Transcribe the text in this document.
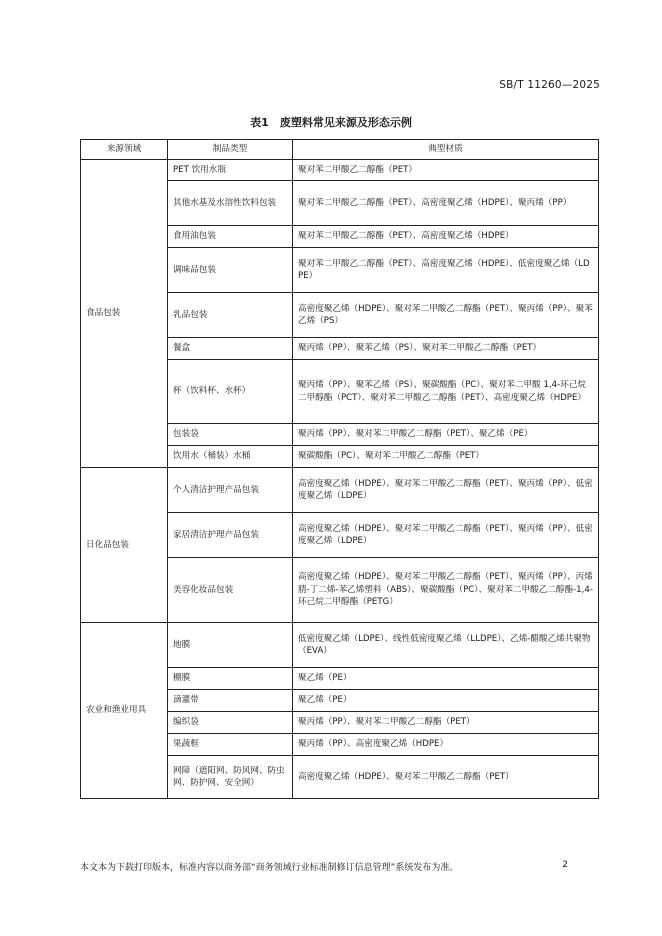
SB/T 11260—2025
表1　废塑料常见来源及形态示例
来源领域	制品类型	典型材质
食品包装	PET 饮用水瓶	聚对苯二甲酸乙二醇酯（PET）
	其他水基及水溶性饮料包装	聚对苯二甲酸乙二醇酯（PET）、高密度聚乙烯（HDPE）、聚丙烯（PP）
	食用油包装	聚对苯二甲酸乙二醇酯（PET）、高密度聚乙烯（HDPE）
	调味品包装	聚对苯二甲酸乙二醇酯（PET）、高密度聚乙烯（HDPE）、低密度聚乙烯（LDPE）
	乳品包装	高密度聚乙烯（HDPE）、聚对苯二甲酸乙二醇酯（PET）、聚丙烯（PP）、聚苯乙烯（PS）
	餐盒	聚丙烯（PP）、聚苯乙烯（PS）、聚对苯二甲酸乙二醇酯（PET）
	杯（饮料杯、水杯）	聚丙烯（PP）、聚苯乙烯（PS）、聚碳酸酯（PC）、聚对苯二甲酸 1,4-环己烷二甲醇酯（PCT）、聚对苯二甲酸乙二醇酯（PET）、高密度聚乙烯（HDPE）
	包装袋	聚丙烯（PP）、聚对苯二甲酸乙二醇酯（PET）、聚乙烯（PE）
	饮用水（桶装）水桶	聚碳酸酯（PC）、聚对苯二甲酸乙二醇酯（PET）
日化品包装	个人清洁护理产品包装	高密度聚乙烯（HDPE）、聚对苯二甲酸乙二醇酯（PET）、聚丙烯（PP）、低密度聚乙烯（LDPE）
	家居清洁护理产品包装	高密度聚乙烯（HDPE）、聚对苯二甲酸乙二醇酯（PET）、聚丙烯（PP）、低密度聚乙烯（LDPE）
	美容化妆品包装	高密度聚乙烯（HDPE）、聚对苯二甲酸乙二醇酯（PET）、聚丙烯（PP）、丙烯腈-丁二烯-苯乙烯塑料（ABS）、聚碳酸酯（PC）、聚对苯二甲酸乙二醇酯-1,4-环己烷二甲醇酯（PETG）
农业和渔业用具	地膜	低密度聚乙烯（LDPE）、线性低密度聚乙烯（LLDPE）、乙烯-醋酸乙烯共聚物（EVA）
	棚膜	聚乙烯（PE）
	滴灌带	聚乙烯（PE）
	编织袋	聚丙烯（PP）、聚对苯二甲酸乙二醇酯（PET）
	果蔬框	聚丙烯（PP）、高密度聚乙烯（HDPE）
	网障（遮阳网、防风网、防虫网、防护网、安全网）	高密度聚乙烯（HDPE）、聚对苯二甲酸乙二醇酯（PET）
本文本为下载打印版本，标准内容以商务部“商务领域行业标准制修订信息管理”系统发布为准。	2
